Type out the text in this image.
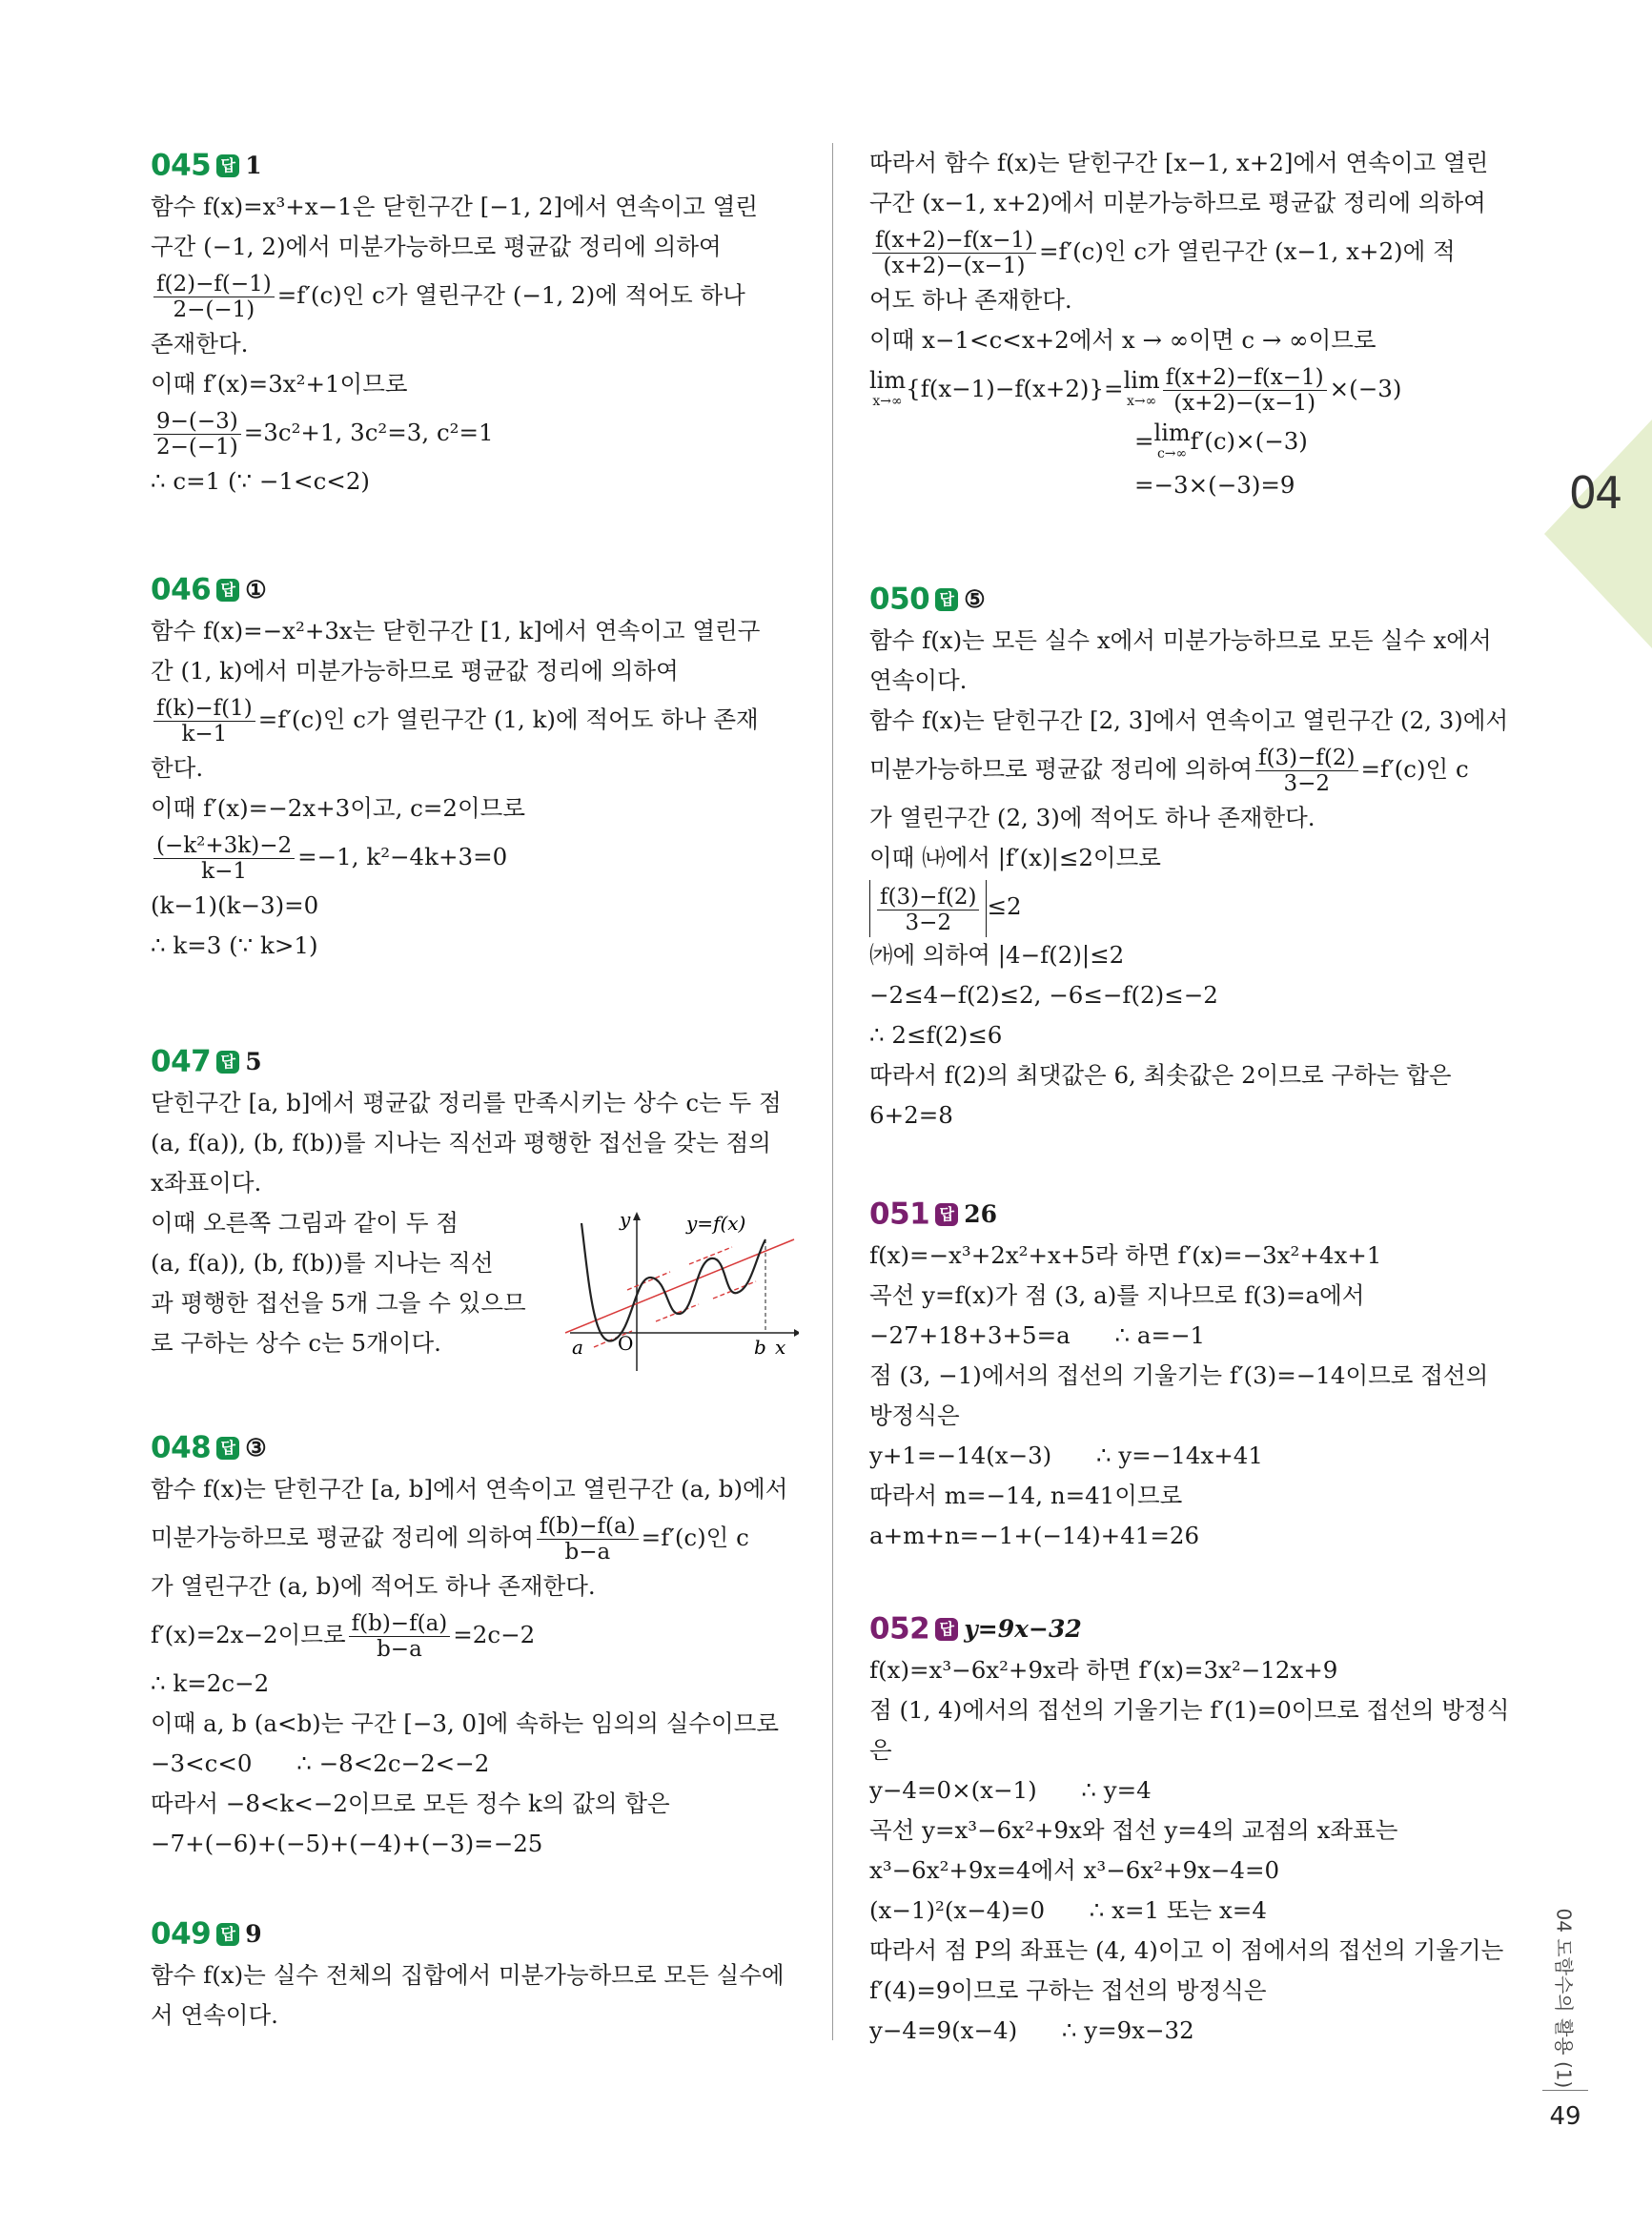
04
045 답 1
함수 f(x)=x³+x−1은 닫힌구간 [−1, 2]에서 연속이고 열린
구간 (−1, 2)에서 미분가능하므로 평균값 정리에 의하여
$\frac{f(2)-f(-1)}{2-(-1)} =f'(c)$인 c가 열린구간 (−1, 2)에 적어도 하나
존재한다.
이때 f′(x)=3x²+1이므로
$\frac{9-(-3)}{2-(-1)} =3c^2+1$, 3c²=3, c²=1
∴ c=1 (∵ −1<c<2)
046 답 ①
함수 f(x)=−x²+3x는 닫힌구간 [1, k]에서 연속이고 열린구
간 (1, k)에서 미분가능하므로 평균값 정리에 의하여
$\frac{f(k)-f(1)}{k-1} =f'(c)$인 c가 열린구간 (1, k)에 적어도 하나 존재
한다.
이때 f′(x)=−2x+3이고, c=2이므로
$\frac{\text{(−k²+3k)−2}}{k-1} =-1$, k²−4k+3=0
(k−1)(k−3)=0
∴ k=3 (∵ k>1)
047 답 5
닫힌구간 [a, b]에서 평균값 정리를 만족시키는 상수 c는 두 점
(a, f(a)), (b, f(b))를 지나는 직선과 평행한 접선을 갖는 점의
x좌표이다.
이때 오른쪽 그림과 같이 두 점
(a, f(a)), (b, f(b))를 지나는 직선
과 평행한 접선을 5개 그을 수 있으므
로 구하는 상수 c는 5개이다.
y	y=f(x)
a O	b x
048 답 ③
함수 f(x)는 닫힌구간 [a, b]에서 연속이고 열린구간 (a, b)에서
미분가능하므로 평균값 정리에 의하여 $\frac{f(b)-f(a)}{b-a} =f'(c)$인 c
가 열린구간 (a, b)에 적어도 하나 존재한다.
f′(x)=2x−2이므로 $\frac{f(b)-f(a)}{b-a} =2c-2$
∴ k=2c−2
이때 a, b (a<b)는 구간 [−3, 0]에 속하는 임의의 실수이므로
−3<c<0      ∴ −8<2c−2<−2
따라서 −8<k<−2이므로 모든 정수 k의 값의 합은
−7+(−6)+(−5)+(−4)+(−3)=−25
049 답 9
함수 f(x)는 실수 전체의 집합에서 미분가능하므로 모든 실수에
서 연속이다.
따라서 함수 f(x)는 닫힌구간 [x−1, x+2]에서 연속이고 열린
구간 (x−1, x+2)에서 미분가능하므로 평균값 정리에 의하여
$\frac{f(x+2)-f(x-1)}{(x+2)-(x-1)} =f'(c)$인 c가 열린구간 (x−1, x+2)에 적
어도 하나 존재한다.
이때 x−1<c<x+2에서 x → ∞이면 c → ∞이므로
lim
x→∞ {f(x−1)−f(x+2)}= lim
$x\to\infty \frac{f(x+2)-f(x-1)}{(x+2)-(x-1)} \times(-3)$
= lim
c→∞ f′(c)×(−3)
=−3×(−3)=9
050 답 ⑤
함수 f(x)는 모든 실수 x에서 미분가능하므로 모든 실수 x에서
연속이다.
함수 f(x)는 닫힌구간 [2, 3]에서 연속이고 열린구간 (2, 3)에서
미분가능하므로 평균값 정리에 의하여 $\frac{f(3)-f(2)}{3-2} =f'(c)$인 c
가 열린구간 (2, 3)에 적어도 하나 존재한다.
이때 ㈏에서 |f′(x)|≤2이므로
$\frac{f(3)-f(2)}{3-2} \le 2$
㈎에 의하여 |4−f(2)|≤2
−2≤4−f(2)≤2, −6≤−f(2)≤−2
∴ 2≤f(2)≤6
따라서 f(2)의 최댓값은 6, 최솟값은 2이므로 구하는 합은
6+2=8
051 답 26
f(x)=−x³+2x²+x+5라 하면 f′(x)=−3x²+4x+1
곡선 y=f(x)가 점 (3, a)를 지나므로 f(3)=a에서
−27+18+3+5=a      ∴ a=−1
점 (3, −1)에서의 접선의 기울기는 f′(3)=−14이므로 접선의
방정식은
y+1=−14(x−3)      ∴ y=−14x+41
따라서 m=−14, n=41이므로
a+m+n=−1+(−14)+41=26
052 답 y=9x−32
f(x)=x³−6x²+9x라 하면 f′(x)=3x²−12x+9
점 (1, 4)에서의 접선의 기울기는 f′(1)=0이므로 접선의 방정식
은
y−4=0×(x−1)      ∴ y=4
곡선 y=x³−6x²+9x와 접선 y=4의 교점의 x좌표는
x³−6x²+9x=4에서 x³−6x²+9x−4=0
(x−1)²(x−4)=0      ∴ x=1 또는 x=4
따라서 점 P의 좌표는 (4, 4)이고 이 점에서의 접선의 기울기는
f′(4)=9이므로 구하는 접선의 방정식은
y−4=9(x−4)      ∴ y=9x−32	04 도함수의 활용 (1)
49
